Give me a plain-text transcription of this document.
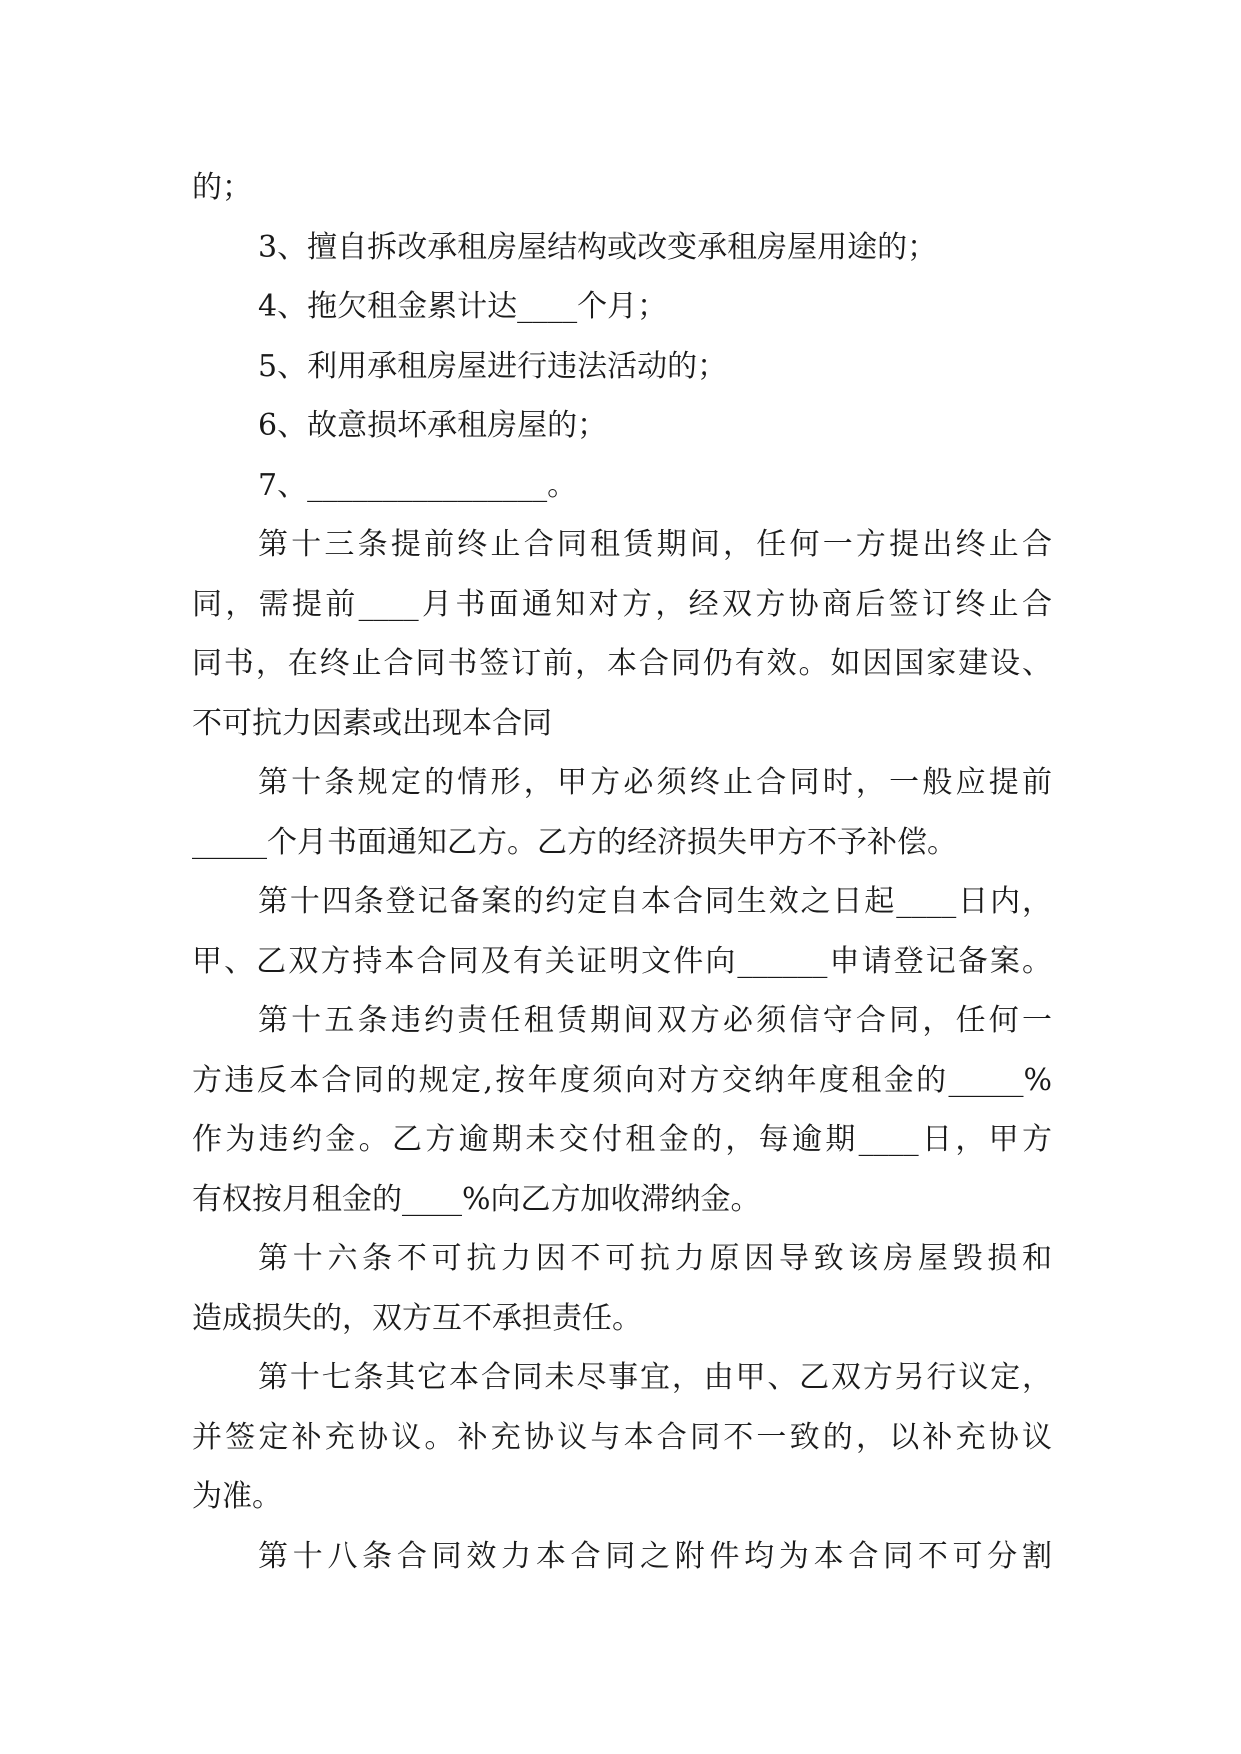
的；
3、擅自拆改承租房屋结构或改变承租房屋用途的；
4、拖欠租金累计达____个月；
5、利用承租房屋进行违法活动的；
6、故意损坏承租房屋的；
7、________________。
第十三条提前终止合同租赁期间，任何一方提出终止合
同，需提前____月书面通知对方，经双方协商后签订终止合
同书，在终止合同书签订前，本合同仍有效。如因国家建设、
不可抗力因素或出现本合同
第十条规定的情形，甲方必须终止合同时，一般应提前
_____个月书面通知乙方。乙方的经济损失甲方不予补偿。
第十四条登记备案的约定自本合同生效之日起____日内，
甲、乙双方持本合同及有关证明文件向______申请登记备案。
第十五条违约责任租赁期间双方必须信守合同，任何一
方违反本合同的规定,按年度须向对方交纳年度租金的_____%
作为违约金。乙方逾期未交付租金的，每逾期____日，甲方
有权按月租金的____%向乙方加收滞纳金。
第十六条不可抗力因不可抗力原因导致该房屋毁损和
造成损失的，双方互不承担责任。
第十七条其它本合同未尽事宜，由甲、乙双方另行议定，
并签定补充协议。补充协议与本合同不一致的，以补充协议
为准。
第十八条合同效力本合同之附件均为本合同不可分割
